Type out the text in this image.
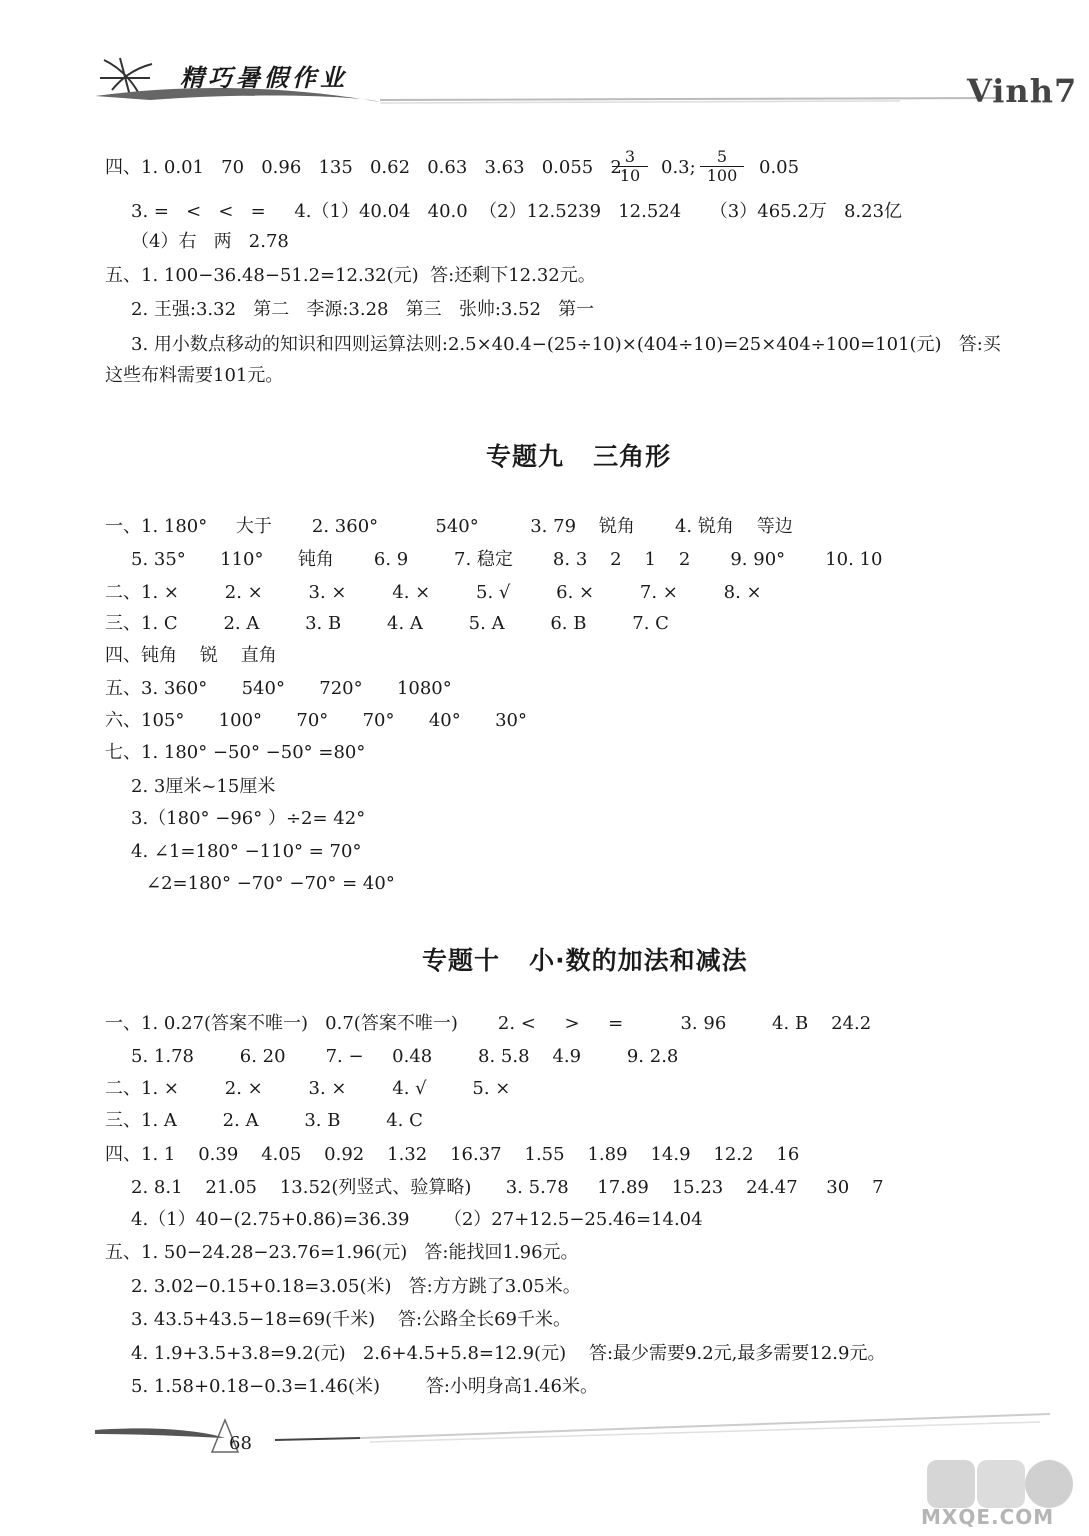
精巧暑假作业	Vinh7
四、1. 0.01   70   0.96   135   0.62   0.63   3.63   0.055   2.
$\frac{3}{10} 0.3$; $\frac{5}{100} 0.05$
3. =   <   <   =     4.（1）40.04   40.0  （2）12.5239   12.524     （3）465.2万   8.23亿
（4）右   两   2.78
五、1. 100−36.48−51.2=12.32(元)  答:还剩下12.32元。
2. 王强:3.32   第二   李源:3.28   第三   张帅:3.52   第一
3. 用小数点移动的知识和四则运算法则:2.5×40.4−(25÷10)×(404÷10)=25×404÷100=101(元)   答:买
这些布料需要101元。
专题九   三角形
一、1. 180°     大于       2. 360°          540°         3. 79    锐角       4. 锐角    等边
5. 35°      110°      钝角       6. 9        7. 稳定       8. 3    2    1    2       9. 90°       10. 10
二、1. ×        2. ×        3. ×        4. ×        5. √        6. ×        7. ×        8. ×
三、1. C        2. A        3. B        4. A        5. A        6. B        7. C
四、钝角    锐    直角
五、3. 360°      540°      720°      1080°
六、105°      100°      70°      70°      40°      30°
七、1. 180° −50° −50° =80°
2. 3厘米~15厘米
3.（180° −96° ）÷2= 42°
4. ∠1=180° −110° = 70°
∠2=180° −70° −70° = 40°
专题十   小·数的加法和减法
一、1. 0.27(答案不唯一)   0.7(答案不唯一)       2. <     >     =          3. 96        4. B    24.2
5. 1.78        6. 20       7. −     0.48        8. 5.8    4.9        9. 2.8
二、1. ×        2. ×        3. ×        4. √        5. ×
三、1. A        2. A        3. B        4. C
四、1. 1    0.39    4.05    0.92    1.32    16.37    1.55    1.89    14.9    12.2    16
2. 8.1    21.05    13.52(列竖式、验算略)      3. 5.78     17.89    15.23    24.47     30    7
4.（1）40−(2.75+0.86)=36.39      （2）27+12.5−25.46=14.04
五、1. 50−24.28−23.76=1.96(元)   答:能找回1.96元。
2. 3.02−0.15+0.18=3.05(米)   答:方方跳了3.05米。
3. 43.5+43.5−18=69(千米)    答:公路全长69千米。
4. 1.9+3.5+3.8=9.2(元)   2.6+4.5+5.8=12.9(元)    答:最少需要9.2元,最多需要12.9元。
5. 1.58+0.18−0.3=1.46(米)        答:小明身高1.46米。
68
MXQE.COM
